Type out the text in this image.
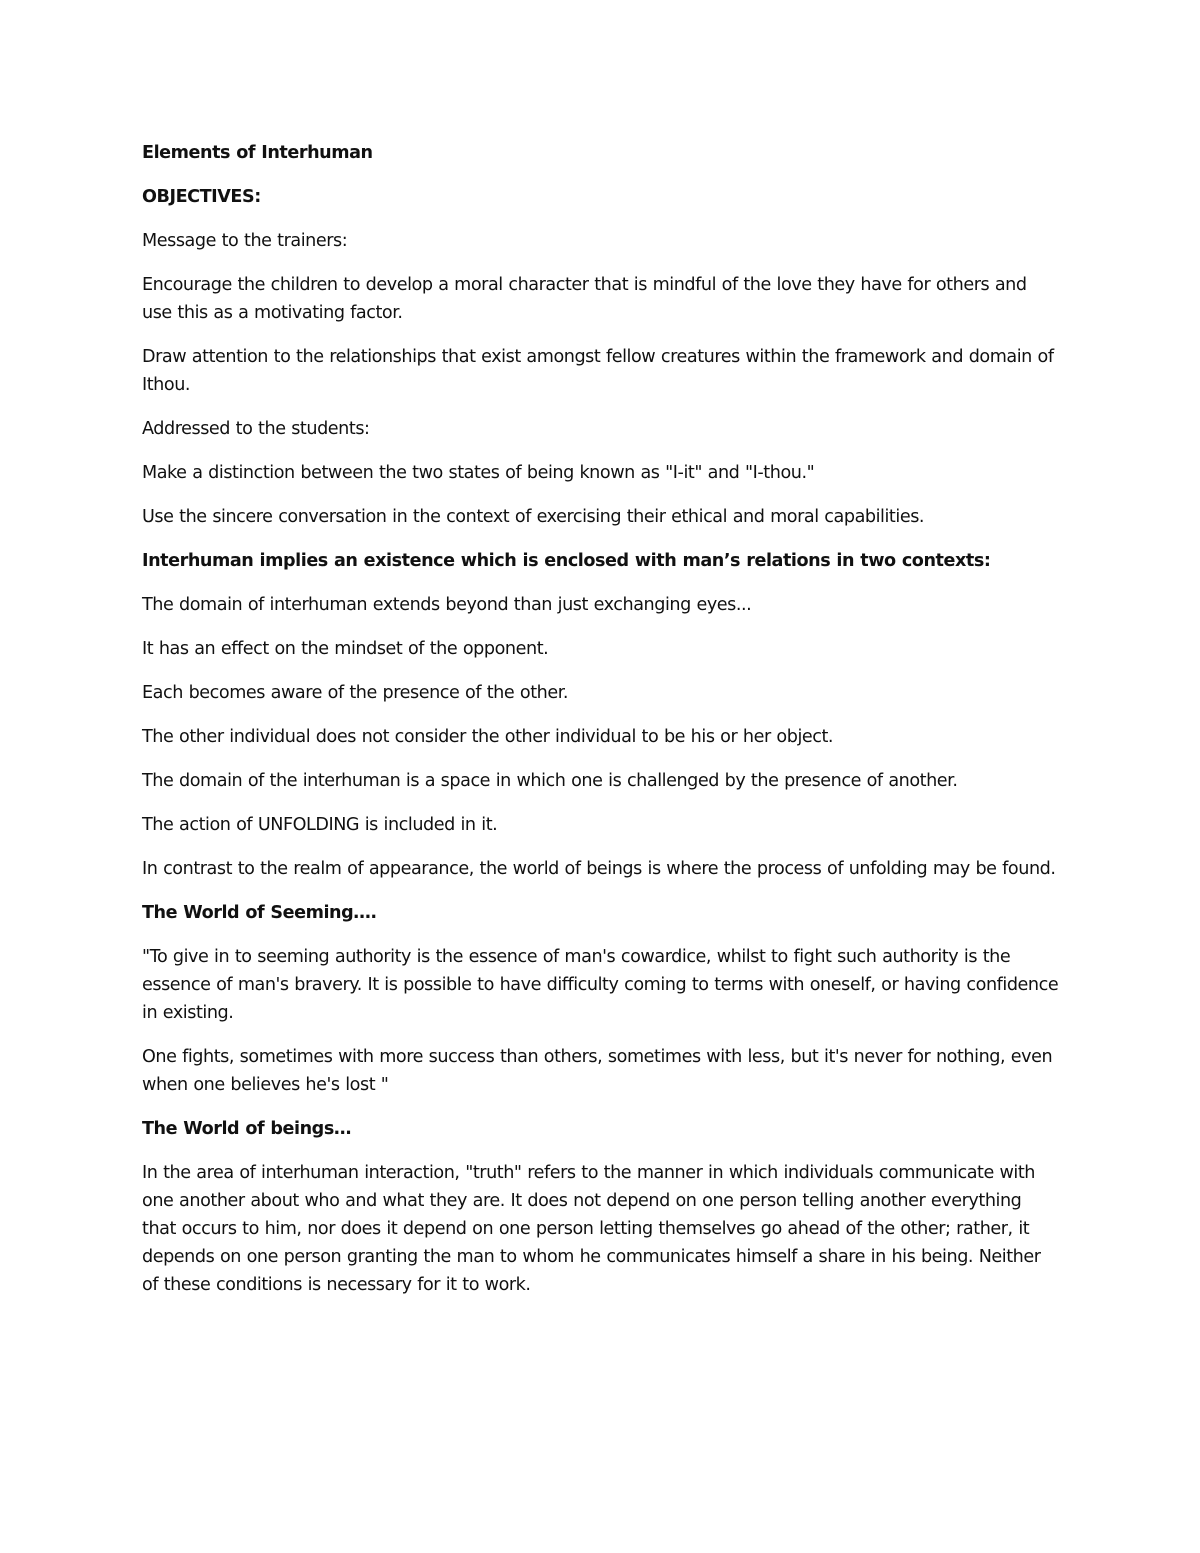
Elements of Interhuman

OBJECTIVES:

Message to the trainers:

Encourage the children to develop a moral character that is mindful of the love they have for others and use this as a motivating factor.

Draw attention to the relationships that exist amongst fellow creatures within the framework and domain of Ithou.

Addressed to the students:

Make a distinction between the two states of being known as "I-it" and "I-thou."

Use the sincere conversation in the context of exercising their ethical and moral capabilities.

Interhuman implies an existence which is enclosed with man’s relations in two contexts:

The domain of interhuman extends beyond than just exchanging eyes...

It has an effect on the mindset of the opponent.

Each becomes aware of the presence of the other.

The other individual does not consider the other individual to be his or her object.

The domain of the interhuman is a space in which one is challenged by the presence of another.

The action of UNFOLDING is included in it.

In contrast to the realm of appearance, the world of beings is where the process of unfolding may be found.

The World of Seeming….

"To give in to seeming authority is the essence of man's cowardice, whilst to fight such authority is the essence of man's bravery. It is possible to have difficulty coming to terms with oneself, or having confidence in existing.

One fights, sometimes with more success than others, sometimes with less, but it's never for nothing, even when one believes he's lost "

The World of beings…

In the area of interhuman interaction, "truth" refers to the manner in which individuals communicate with one another about who and what they are. It does not depend on one person telling another everything that occurs to him, nor does it depend on one person letting themselves go ahead of the other; rather, it depends on one person granting the man to whom he communicates himself a share in his being. Neither of these conditions is necessary for it to work.
